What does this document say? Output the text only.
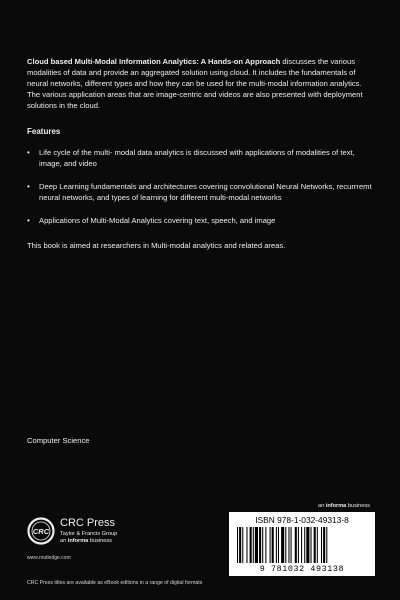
Cloud based Multi-Modal Information Analytics: A Hands-on Approach discusses the various modalities of data and provide an aggregated solution using cloud. It includes the fundamentals of neural networks, different types and how they can be used for the multi-modal information analytics. The various application areas that are image-centric and videos are also presented with deployment solutions in the cloud.

Features

• Life cycle of the multi- modal data analytics is discussed with applications of modalities of text, image, and video
• Deep Learning fundamentals and architectures covering convolutional Neural Networks, recurrremt neural networks, and types of learning for different multi-modal networks
• Applications of Multi-Modal Analytics covering text, speech, and image

This book is aimed at researchers in Multi-modal analytics and related areas.

Computer Science

CRC

CRC Press

Taylor & Francis Group

an informa business

www.routledge.com

an informa business

ISBN 978-1-032-49313-8

9 781032 493138

CRC Press titles are available as eBook editions in a range of digital formats
